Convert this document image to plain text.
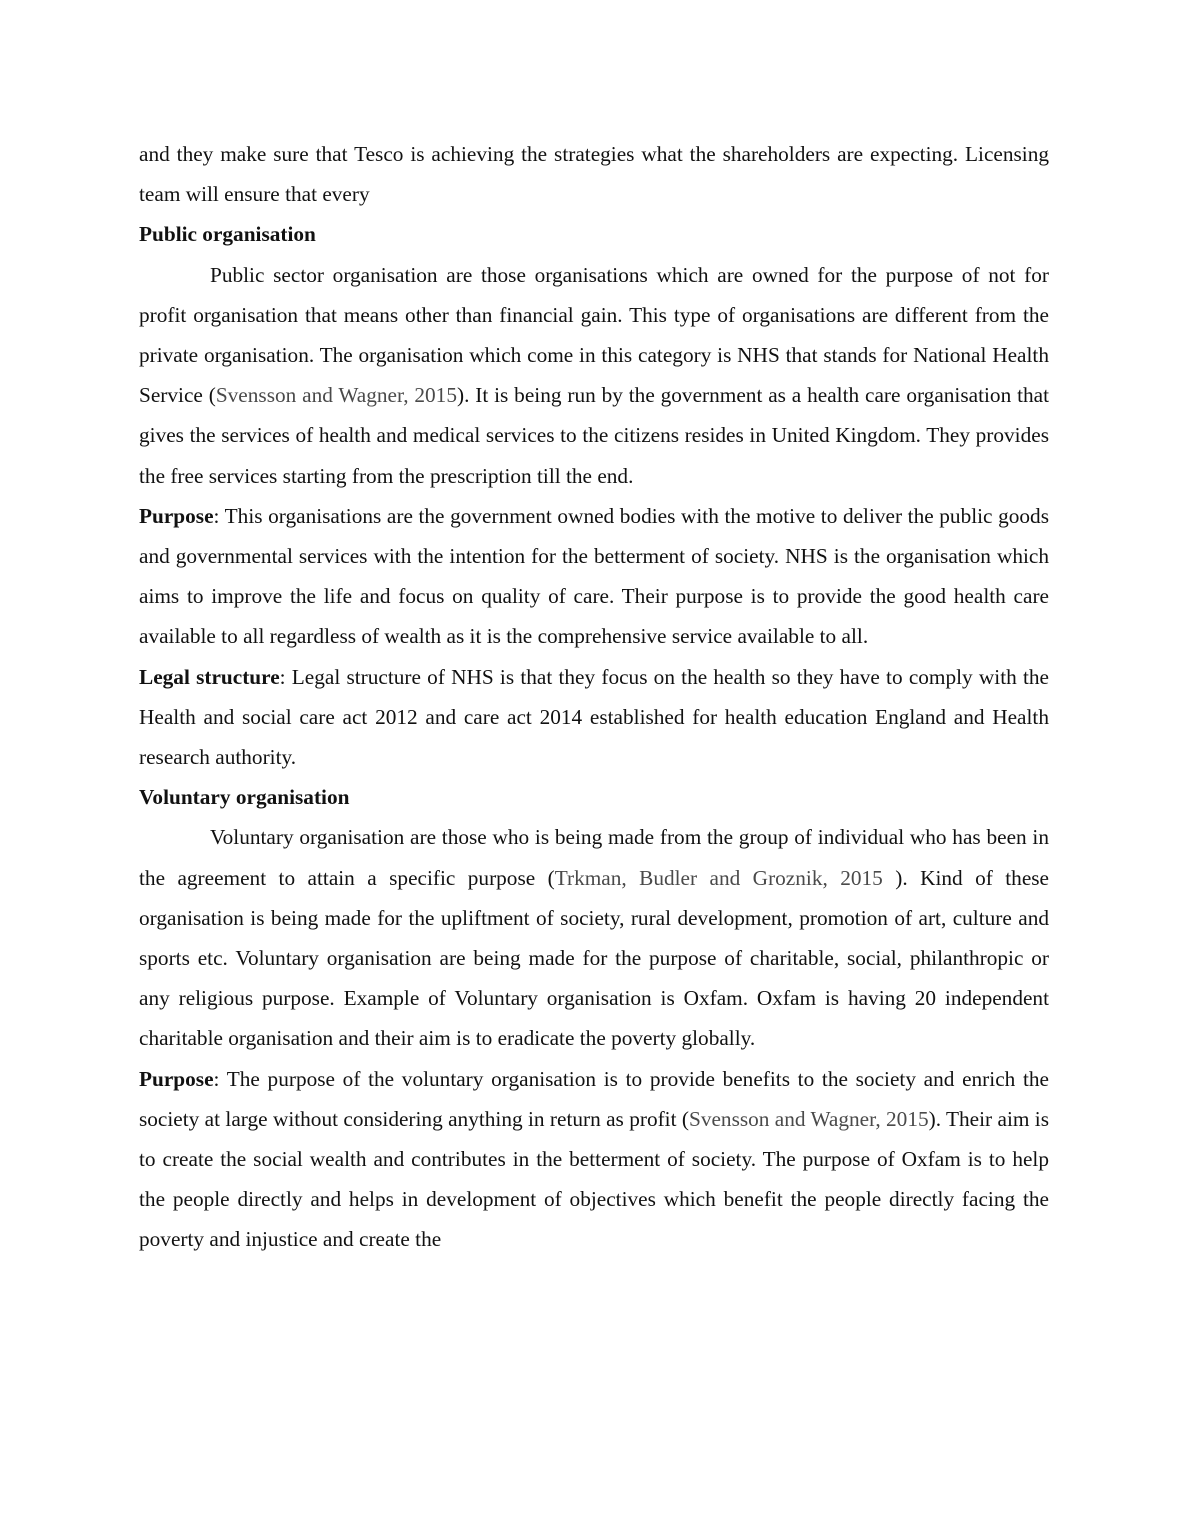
and they make sure that Tesco is achieving the strategies what the shareholders are expecting. Licensing team will ensure that every

Public organisation

Public sector organisation are those organisations which are owned for the purpose of not for profit organisation that means other than financial gain. This type of organisations are different from the private organisation. The organisation which come in this category is NHS that stands for National Health Service (Svensson and Wagner, 2015). It is being run by the government as a health care organisation that gives the services of health and medical services to the citizens resides in United Kingdom. They provides the free services starting from the prescription till the end.

Purpose: This organisations are the government owned bodies with the motive to deliver the public goods and governmental services with the intention for the betterment of society. NHS is the organisation which aims to improve the life and focus on quality of care. Their purpose is to provide the good health care available to all regardless of wealth as it is the comprehensive service available to all.

Legal structure: Legal structure of NHS is that they focus on the health so they have to comply with the Health and social care act 2012 and care act 2014 established for health education England and Health research authority.

Voluntary organisation

Voluntary organisation are those who is being made from the group of individual who has been in the agreement to attain a specific purpose (Trkman, Budler and Groznik, 2015 ). Kind of these organisation is being made for the upliftment of society, rural development, promotion of art, culture and sports etc. Voluntary organisation are being made for the purpose of charitable, social, philanthropic or any religious purpose. Example of Voluntary organisation is Oxfam. Oxfam is having 20 independent charitable organisation and their aim is to eradicate the poverty globally.

Purpose: The purpose of the voluntary organisation is to provide benefits to the society and enrich the society at large without considering anything in return as profit (Svensson and Wagner, 2015). Their aim is to create the social wealth and contributes in the betterment of society. The purpose of Oxfam is to help the people directly and helps in development of objectives which benefit the people directly facing the poverty and injustice and create the
